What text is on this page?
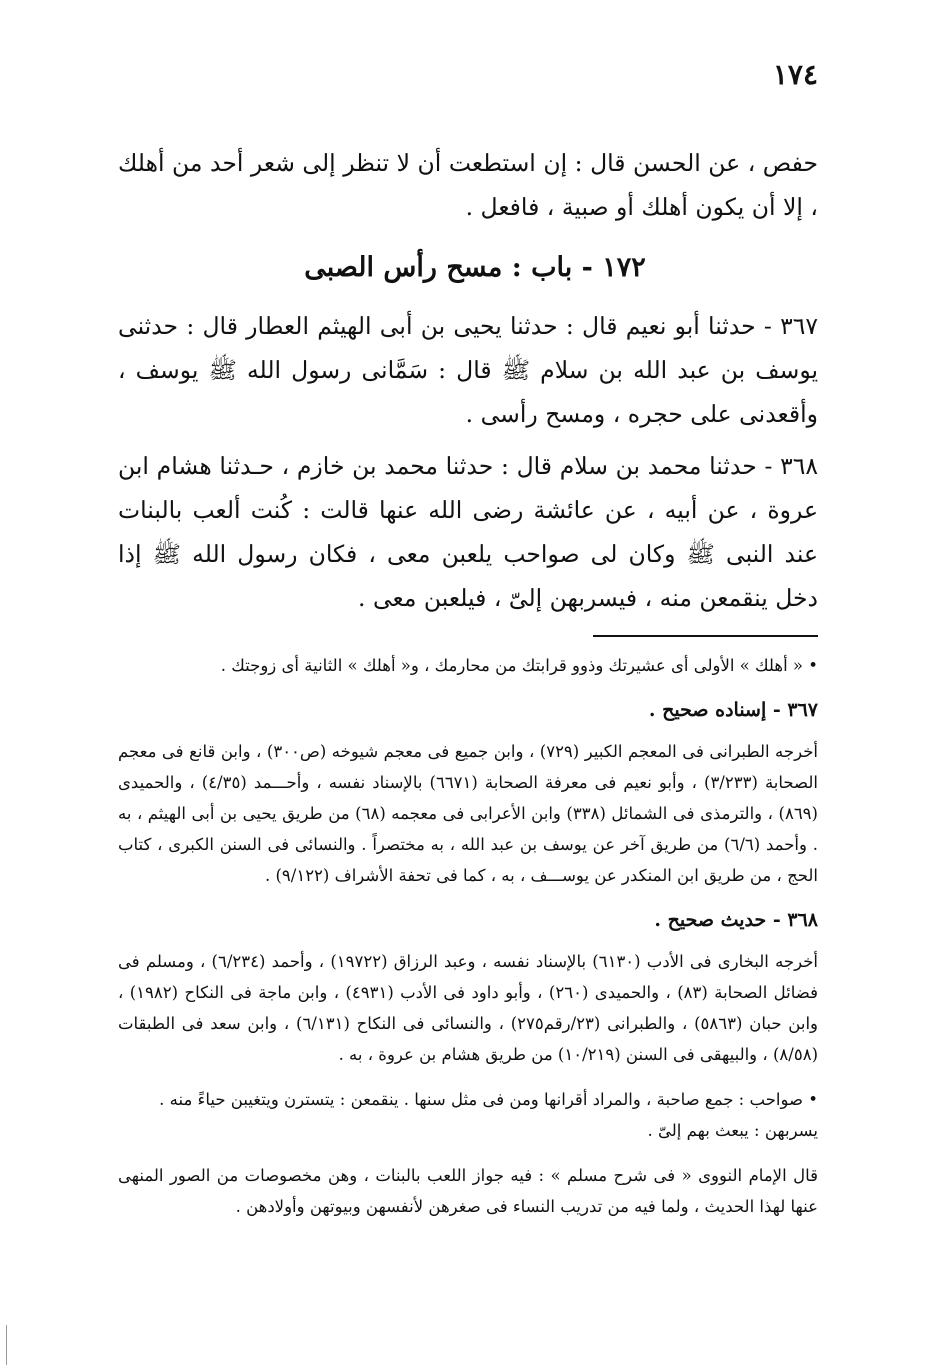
١٧٤

حفص ، عن الحسن قال : إن استطعت أن لا تنظر إلى شعر أحد من أهلك ، إلا أن يكون أهلك أو صبية ، فافعل .

١٧٢ - باب : مسح رأس الصبى

٣٦٧ - حدثنا أبو نعيم قال : حدثنا يحيى بن أبى الهيثم العطار قال : حدثنى يوسف بن عبد الله بن سلام ﷺ قال : سَمَّانى رسول الله ﷺ يوسف ، وأقعدنى على حجره ، ومسح رأسى .

٣٦٨ - حدثنا محمد بن سلام قال : حدثنا محمد بن خازم ، حـدثنا هشام ابن عروة ، عن أبيه ، عن عائشة رضى الله عنها قالت : كُنت ألعب بالبنات عند النبى ﷺ وكان لى صواحب يلعبن معى ، فكان رسول الله ﷺ إذا دخل ينقمعن منه ، فيسربهن إلىّ ، فيلعبن معى .

• « أهلك » الأولى أى عشيرتك وذوو قرابتك من محارمك ، و« أهلك » الثانية أى زوجتك .

٣٦٧ - إسناده صحيح .

أخرجه الطبرانى فى المعجم الكبير (٧٢٩) ، وابن جميع فى معجم شيوخه (ص٣٠٠) ، وابن قانع فى معجم الصحابة (٣/٢٣٣) ، وأبو نعيم فى معرفة الصحابة (٦٦٧١) بالإسناد نفسه ، وأحـــمد (٤/٣٥) ، والحميدى (٨٦٩) ، والترمذى فى الشمائل (٣٣٨) وابن الأعرابى فى معجمه (٦٨) من طريق يحيى بن أبى الهيثم ، به . وأحمد (٦/٦) من طريق آخر عن يوسف بن عبد الله ، به مختصراً . والنسائى فى السنن الكبرى ، كتاب الحج ، من طريق ابن المنكدر عن يوســـف ، به ، كما فى تحفة الأشراف (٩/١٢٢) .

٣٦٨ - حديث صحيح .

أخرجه البخارى فى الأدب (٦١٣٠) بالإسناد نفسه ، وعبد الرزاق (١٩٧٢٢) ، وأحمد (٦/٢٣٤) ، ومسلم فى فضائل الصحابة (٨٣) ، والحميدى (٢٦٠) ، وأبو داود فى الأدب (٤٩٣١) ، وابن ماجة فى النكاح (١٩٨٢) ، وابن حبان (٥٨٦٣) ، والطبرانى (٢٣/رقم٢٧٥) ، والنسائى فى النكاح (٦/١٣١) ، وابن سعد فى الطبقات (٨/٥٨) ، والبيهقى فى السنن (١٠/٢١٩) من طريق هشام بن عروة ، به .

• صواحب : جمع صاحبة ، والمراد أقرانها ومن فى مثل سنها . ينقمعن : يتسترن ويتغيبن حياءً منه .

يسربهن : يبعث بهم إلىّ .

قال الإمام النووى « فى شرح مسلم » : فيه جواز اللعب بالبنات ، وهن مخصوصات من الصور المنهى عنها لهذا الحديث ، ولما فيه من تدريب النساء فى صغرهن لأنفسهن وبيوتهن وأولادهن .
